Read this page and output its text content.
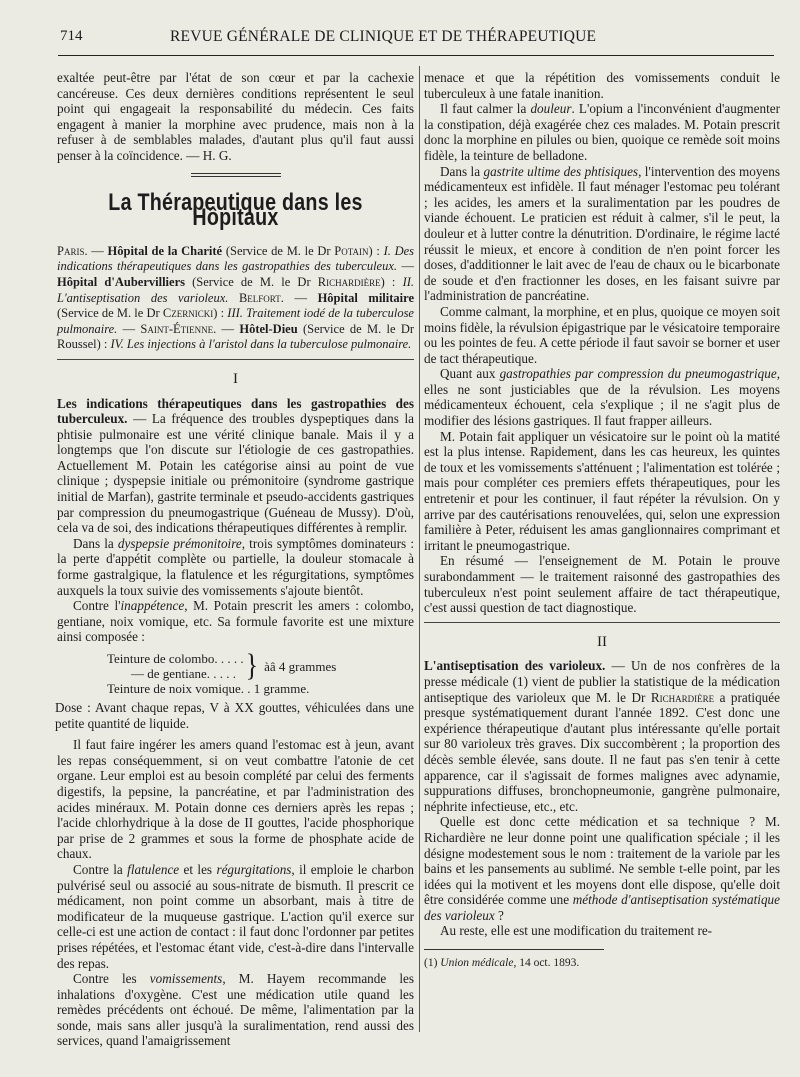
714	REVUE GÉNÉRALE DE CLINIQUE ET DE THÉRAPEUTIQUE

exaltée peut-être par l'état de son cœur et par la cachexie cancéreuse. Ces deux dernières conditions représentent le seul point qui engageait la responsabilité du médecin. Ces faits engagent à manier la morphine avec prudence, mais non à la refuser à de semblables malades, d'autant plus qu'il faut aussi penser à la coïncidence. — H. G.

La Thérapeutique dans les Hôpitaux

Paris. — Hôpital de la Charité (Service de M. le Dr Potain) : I. Des indications thérapeutiques dans les gastropathies des tuberculeux. — Hôpital d'Aubervilliers (Service de M. le Dr Richardière) : II. L'antiseptisation des varioleux. Belfort. — Hôpital militaire (Service de M. le Dr Czernicki) : III. Traitement iodé de la tuberculose pulmonaire. — Saint-Étienne. — Hôtel-Dieu (Service de M. le Dr Roussel) : IV. Les injections à l'aristol dans la tuberculose pulmonaire.

I

Les indications thérapeutiques dans les gastropathies des tuberculeux. — La fréquence des troubles dyspeptiques dans la phtisie pulmonaire est une vérité clinique banale. Mais il y a longtemps que l'on discute sur l'étiologie de ces gastropathies. Actuellement M. Potain les catégorise ainsi au point de vue clinique ; dyspepsie initiale ou prémonitoire (syndrome gastrique initial de Marfan), gastrite terminale et pseudo-accidents gastriques par compression du pneumogastrique (Guéneau de Mussy). D'où, cela va de soi, des indications thérapeutiques différentes à remplir.

Dans la dyspepsie prémonitoire, trois symptômes dominateurs : la perte d'appétit complète ou partielle, la douleur stomacale à forme gastralgique, la flatulence et les régurgitations, symptômes auxquels la toux suivie des vomissements s'ajoute bientôt.

Contre l'inappétence, M. Potain prescrit les amers : colombo, gentiane, noix vomique, etc. Sa formule favorite est une mixture ainsi composée :

Teinture de colombo. . . . .
— de gentiane. . . . . } àâ 4 grammes
Teinture de noix vomique. . 1 gramme.

Dose : Avant chaque repas, V à XX gouttes, véhiculées dans une petite quantité de liquide.

Il faut faire ingérer les amers quand l'estomac est à jeun, avant les repas conséquemment, si on veut combattre l'atonie de cet organe. Leur emploi est au besoin complété par celui des ferments digestifs, la pepsine, la pancréatine, et par l'administration des acides minéraux. M. Potain donne ces derniers après les repas ; l'acide chlorhydrique à la dose de II gouttes, l'acide phosphorique par prise de 2 grammes et sous la forme de phosphate acide de chaux.

Contre la flatulence et les régurgitations, il emploie le charbon pulvérisé seul ou associé au sous-nitrate de bismuth. Il prescrit ce médicament, non point comme un absorbant, mais à titre de modificateur de la muqueuse gastrique. L'action qu'il exerce sur celle-ci est une action de contact : il faut donc l'ordonner par petites prises répétées, et l'estomac étant vide, c'est-à-dire dans l'intervalle des repas.

Contre les vomissements, M. Hayem recommande les inhalations d'oxygène. C'est une médication utile quand les remèdes précédents ont échoué. De même, l'alimentation par la sonde, mais sans aller jusqu'à la suralimentation, rend aussi des services, quand l'amaigrissement

menace et que la répétition des vomissements conduit le tuberculeux à une fatale inanition.

Il faut calmer la douleur. L'opium a l'inconvénient d'augmenter la constipation, déjà exagérée chez ces malades. M. Potain prescrit donc la morphine en pilules ou bien, quoique ce remède soit moins fidèle, la teinture de belladone.

Dans la gastrite ultime des phtisiques, l'intervention des moyens médicamenteux est infidèle. Il faut ménager l'estomac peu tolérant ; les acides, les amers et la suralimentation par les poudres de viande échouent. Le praticien est réduit à calmer, s'il le peut, la douleur et à lutter contre la dénutrition. D'ordinaire, le régime lacté réussit le mieux, et encore à condition de n'en point forcer les doses, d'additionner le lait avec de l'eau de chaux ou le bicarbonate de soude et d'en fractionner les doses, en les faisant suivre par l'administration de pancréatine.

Comme calmant, la morphine, et en plus, quoique ce moyen soit moins fidèle, la révulsion épigastrique par le vésicatoire temporaire ou les pointes de feu. A cette période il faut savoir se borner et user de tact thérapeutique.

Quant aux gastropathies par compression du pneumogastrique, elles ne sont justiciables que de la révulsion. Les moyens médicamenteux échouent, cela s'explique ; il ne s'agit plus de modifier des lésions gastriques. Il faut frapper ailleurs.

M. Potain fait appliquer un vésicatoire sur le point où la matité est la plus intense. Rapidement, dans les cas heureux, les quintes de toux et les vomissements s'atténuent ; l'alimentation est tolérée ; mais pour compléter ces premiers effets thérapeutiques, pour les entretenir et pour les continuer, il faut répéter la révulsion. On y arrive par des cautérisations renouvelées, qui, selon une expression familière à Peter, réduisent les amas ganglionnaires comprimant et irritant le pneumogastrique.

En résumé — l'enseignement de M. Potain le prouve surabondamment — le traitement raisonné des gastropathies des tuberculeux n'est point seulement affaire de tact thérapeutique, c'est aussi question de tact diagnostique.

II

L'antiseptisation des varioleux. — Un de nos confrères de la presse médicale (1) vient de publier la statistique de la médication antiseptique des varioleux que M. le Dr Richardière a pratiquée presque systématiquement durant l'année 1892. C'est donc une expérience thérapeutique d'autant plus intéressante qu'elle portait sur 80 varioleux très graves. Dix succombèrent ; la proportion des décès semble élevée, sans doute. Il ne faut pas s'en tenir à cette apparence, car il s'agissait de formes malignes avec adynamie, suppurations diffuses, bronchopneumonie, gangrène pulmonaire, néphrite infectieuse, etc., etc.

Quelle est donc cette médication et sa technique ? M. Richardière ne leur donne point une qualification spéciale ; il les désigne modestement sous le nom : traitement de la variole par les bains et les pansements au sublimé. Ne semble t-elle point, par les idées qui la motivent et les moyens dont elle dispose, qu'elle doit être considérée comme une méthode d'antiseptisation systématique des varioleux ?

Au reste, elle est une modification du traitement re-

(1) Union médicale, 14 oct. 1893.
